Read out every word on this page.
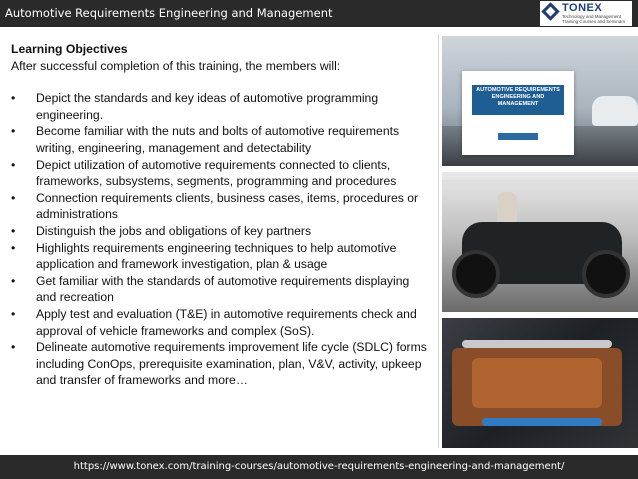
Automotive Requirements Engineering and Management	TONEX
Technology and Management Training Courses and Seminars
Learning Objectives
After successful completion of this training, the members will:
• Depict the standards and key ideas of automotive programming engineering.
• Become familiar with the nuts and bolts of automotive requirements writing, engineering, management and detectability
• Depict utilization of automotive requirements connected to clients, frameworks, subsystems, segments, programming and procedures
• Connection requirements clients, business cases, items, procedures or administrations
• Distinguish the jobs and obligations of key partners
• Highlights requirements engineering techniques to help automotive application and framework investigation, plan & usage
• Get familiar with the standards of automotive requirements displaying and recreation
• Apply test and evaluation (T&E) in automotive requirements check and approval of vehicle frameworks and complex (SoS).
• Delineate automotive requirements improvement life cycle (SDLC) forms including ConOps, prerequisite examination, plan, V&V, activity, upkeep and transfer of frameworks and more…
AUTOMOTIVE REQUIREMENTS ENGINEERING AND MANAGEMENT
https://www.tonex.com/training-courses/automotive-requirements-engineering-and-management/
